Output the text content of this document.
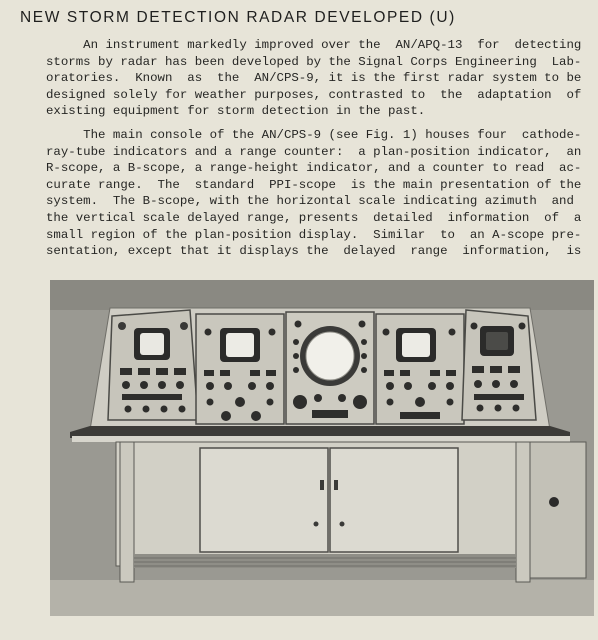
NEW STORM DETECTION RADAR DEVELOPED (U)
An instrument markedly improved over the  AN/APQ-13  for  detecting
storms by radar has been developed by the Signal Corps Engineering  Lab-
oratories.  Known  as  the  AN/CPS-9, it is the first radar system to be
designed solely for weather purposes, contrasted to  the  adaptation  of
existing equipment for storm detection in the past.
The main console of the AN/CPS-9 (see Fig. 1) houses four  cathode-
ray-tube indicators and a range counter:  a plan-position indicator,  an
R-scope, a B-scope, a range-height indicator, and a counter to read  ac-
curate range.  The  standard  PPI-scope  is the main presentation of the
system.  The B-scope, with the horizontal scale indicating azimuth  and
the vertical scale delayed range, presents  detailed  information  of  a
small region of the plan-position display.  Similar  to  an A-scope pre-
sentation, except that it displays the  delayed  range  information,  is
